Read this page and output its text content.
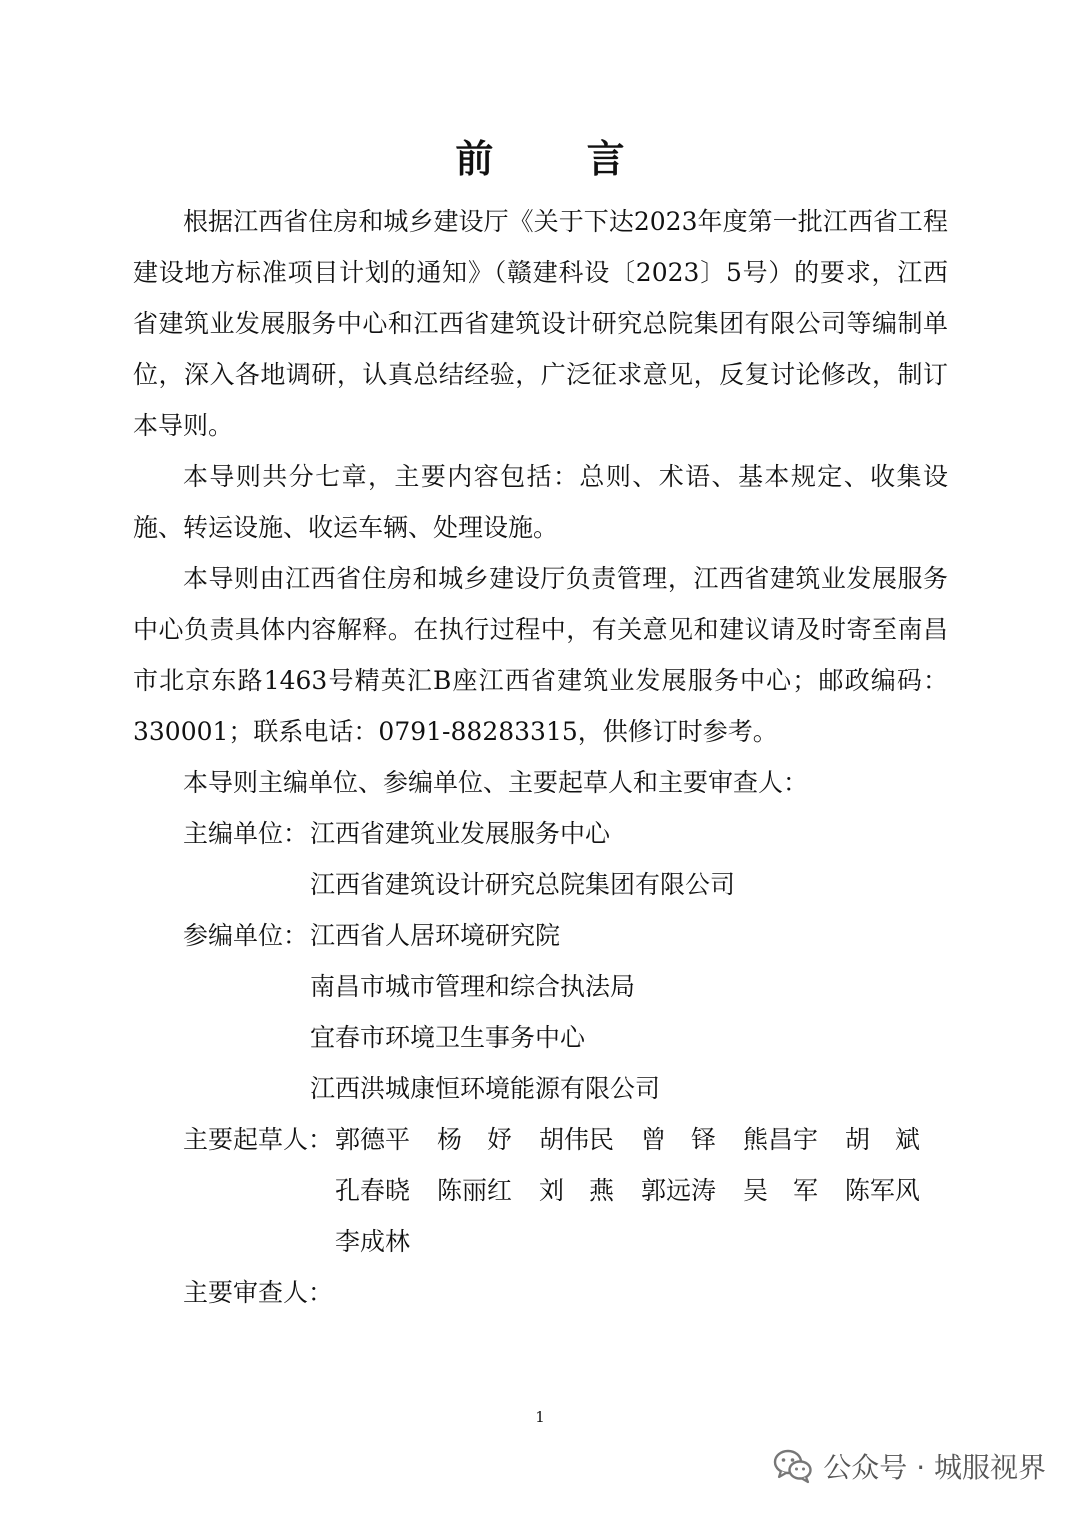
前 言

根据江西省住房和城乡建设厅《关于下达2023年度第一批江西省工程建设地方标准项目计划的通知》（赣建科设〔2023〕5号）的要求，江西省建筑业发展服务中心和江西省建筑设计研究总院集团有限公司等编制单位，深入各地调研，认真总结经验，广泛征求意见，反复讨论修改，制订本导则。

本导则共分七章，主要内容包括：总则、术语、基本规定、收集设施、转运设施、收运车辆、处理设施。

本导则由江西省住房和城乡建设厅负责管理，江西省建筑业发展服务中心负责具体内容解释。在执行过程中，有关意见和建议请及时寄至南昌市北京东路1463号精英汇B座江西省建筑业发展服务中心；邮政编码：330001；联系电话：0791-88283315，供修订时参考。

本导则主编单位、参编单位、主要起草人和主要审查人：
主编单位： 江西省建筑业发展服务中心
江西省建筑设计研究总院集团有限公司
参编单位： 江西省人居环境研究院
南昌市城市管理和综合执法局
宜春市环境卫生事务中心
江西洪城康恒环境能源有限公司
主要起草人： 郭德平 杨　妤 胡伟民 曾　铎 熊昌宇 胡　斌
孔春晓 陈丽红 刘　燕 郭远涛 吴　军 陈军风
李成林
主要审查人：
1
公众号 · 城服视界
